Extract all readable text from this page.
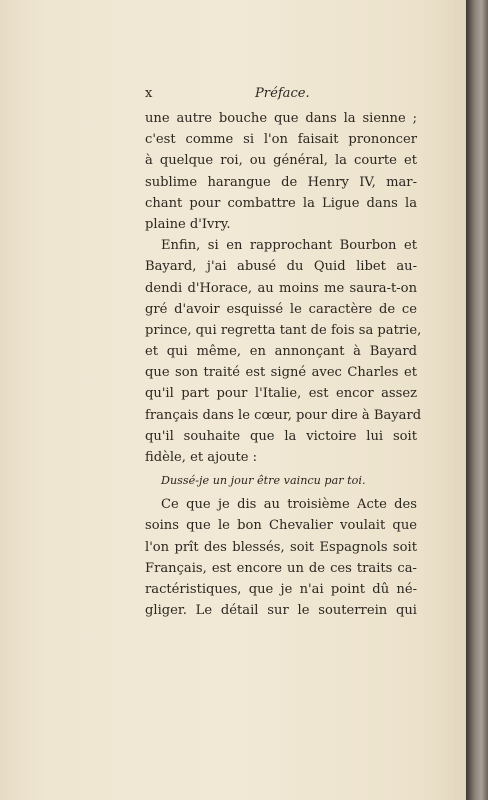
x	Préface.
une autre bouche que dans la sienne ;
c'est comme si l'on faisait prononcer
à quelque roi, ou général, la courte et
sublime harangue de Henry IV, mar-
chant pour combattre la Ligue dans la
plaine d'Ivry.
Enfin, si en rapprochant Bourbon et
Bayard, j'ai abusé du Quid libet au-
dendi d'Horace, au moins me saura-t-on
gré d'avoir esquissé le caractère de ce
prince, qui regretta tant de fois sa patrie,
et qui même, en annonçant à Bayard
que son traité est signé avec Charles et
qu'il part pour l'Italie, est encor assez
français dans le cœur, pour dire à Bayard
qu'il souhaite que la victoire lui soit
fidèle, et ajoute :
Dussé-je un jour être vaincu par toi.
Ce que je dis au troisième Acte des
soins que le bon Chevalier voulait que
l'on prît des blessés, soit Espagnols soit
Français, est encore un de ces traits ca-
ractéristiques, que je n'ai point dû né-
gliger. Le détail sur le souterrein qui
